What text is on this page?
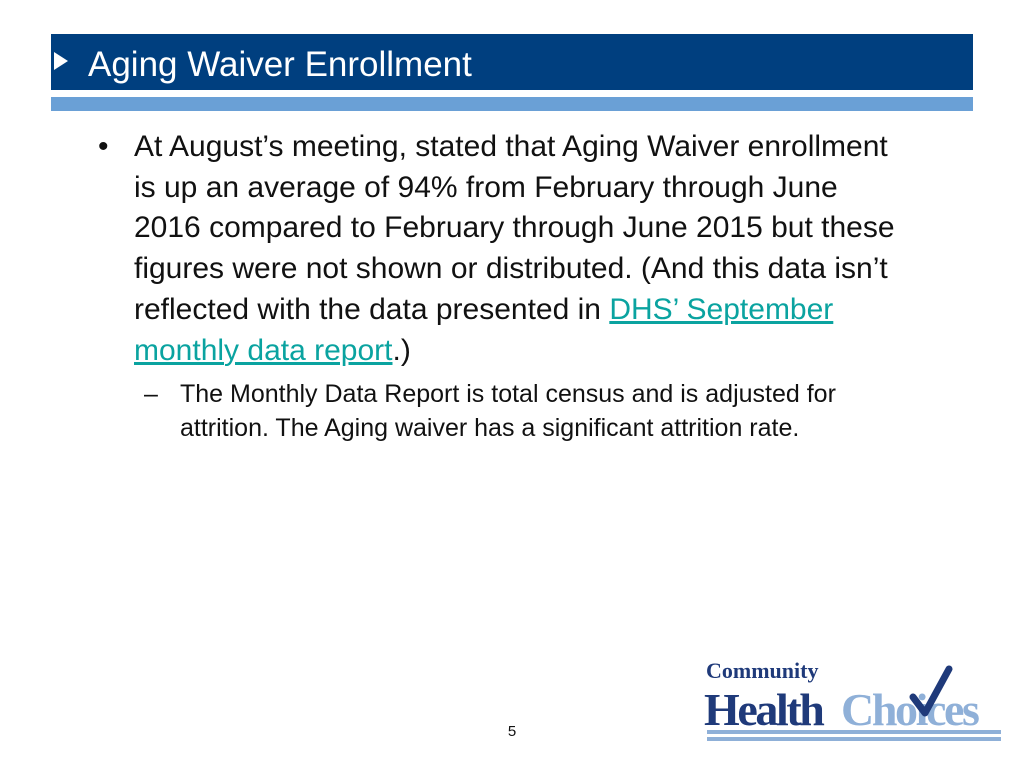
Aging Waiver Enrollment
• At August’s meeting, stated that Aging Waiver enrollment is up an average of 94% from February through June 2016 compared to February through June 2015 but these figures were not shown or distributed. (And this data isn’t reflected with the data presented in DHS’ September monthly data report.)
– The Monthly Data Report is total census and is adjusted for attrition. The Aging waiver has a significant attrition rate.
5
Community
Health Choices
